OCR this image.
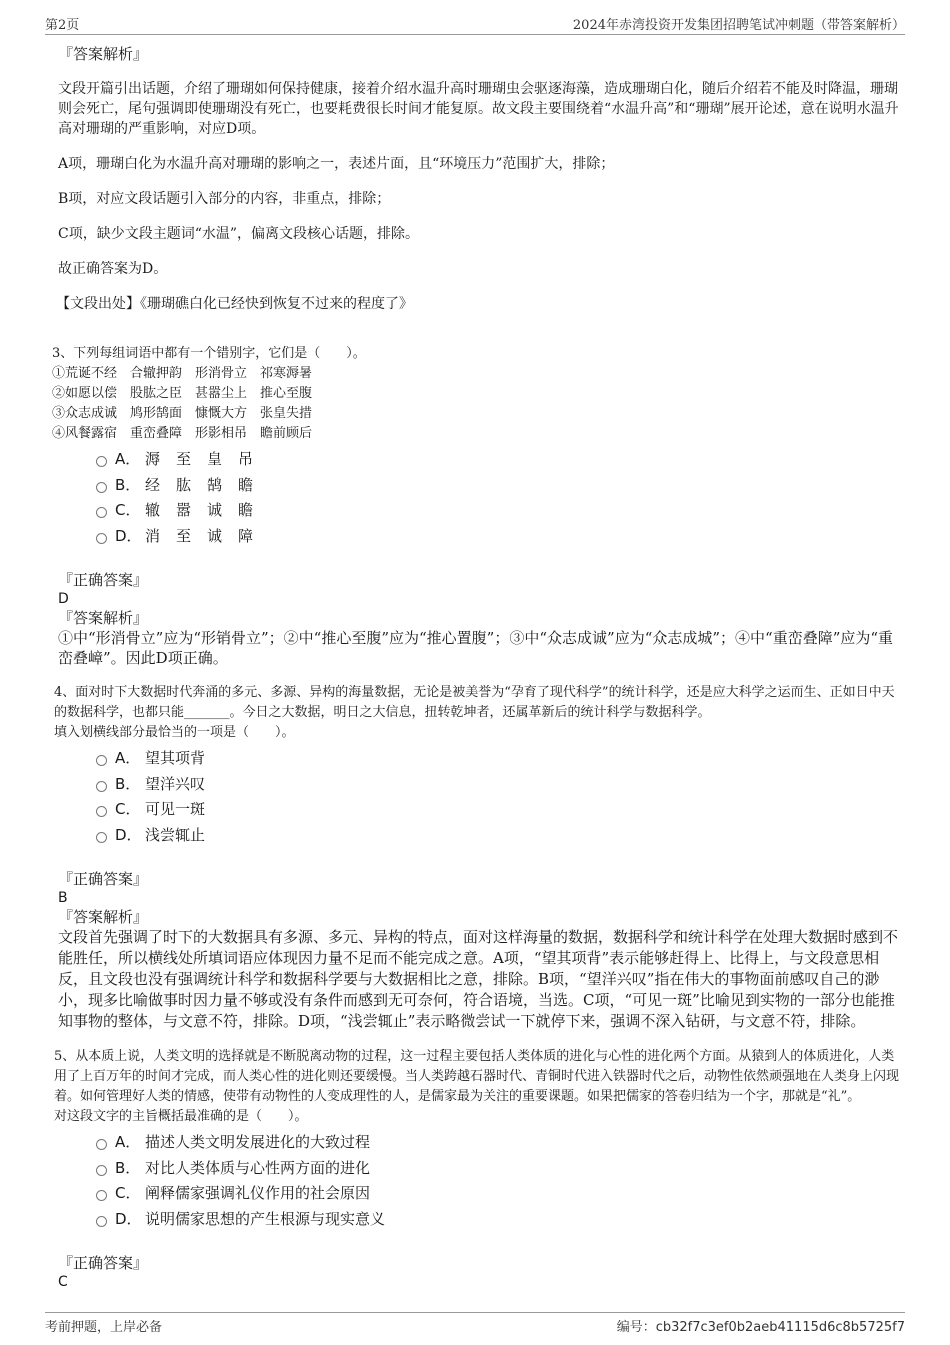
第2页	2024年赤湾投资开发集团招聘笔试冲刺题（带答案解析）

『答案解析』

文段开篇引出话题，介绍了珊瑚如何保持健康，接着介绍水温升高时珊瑚虫会驱逐海藻，造成珊瑚白化，随后介绍若不能及时降温，珊瑚则会死亡，尾句强调即使珊瑚没有死亡，也要耗费很长时间才能复原。故文段主要围绕着“水温升高”和“珊瑚”展开论述，意在说明水温升高对珊瑚的严重影响，对应D项。

A项，珊瑚白化为水温升高对珊瑚的影响之一，表述片面，且“环境压力”范围扩大，排除；

B项，对应文段话题引入部分的内容，非重点，排除；

C项，缺少文段主题词“水温”，偏离文段核心话题，排除。

故正确答案为D。

【文段出处】《珊瑚礁白化已经快到恢复不过来的程度了》

3、下列每组词语中都有一个错别字，它们是（　　）。

①荒诞不经　合辙押韵　形消骨立　祁寒溽暑

②如愿以偿　股肱之臣　甚嚣尘上　推心至腹

③众志成诚　鸠形鹄面　慷慨大方　张皇失措

④风餐露宿　重峦叠障　形影相吊　瞻前顾后

A． 溽至皇吊
B． 经肱鹄瞻
C． 辙嚣诚瞻
D． 消至诚障

『正确答案』

D

『答案解析』

①中“形消骨立”应为“形销骨立”；②中“推心至腹”应为“推心置腹”；③中“众志成诚”应为“众志成城”；④中“重峦叠障”应为“重峦叠嶂”。因此D项正确。

4、面对时下大数据时代奔涌的多元、多源、异构的海量数据，无论是被美誉为“孕育了现代科学”的统计科学，还是应大科学之运而生、正如日中天的数据科学，也都只能_______。今日之大数据，明日之大信息，扭转乾坤者，还属革新后的统计科学与数据科学。

填入划横线部分最恰当的一项是（　　）。

A． 望其项背
B． 望洋兴叹
C． 可见一斑
D． 浅尝辄止

『正确答案』

B

『答案解析』

文段首先强调了时下的大数据具有多源、多元、异构的特点，面对这样海量的数据，数据科学和统计科学在处理大数据时感到不能胜任，所以横线处所填词语应体现因力量不足而不能完成之意。A项，“望其项背”表示能够赶得上、比得上，与文段意思相反，且文段也没有强调统计科学和数据科学要与大数据相比之意，排除。B项，“望洋兴叹”指在伟大的事物面前感叹自己的渺小，现多比喻做事时因力量不够或没有条件而感到无可奈何，符合语境，当选。C项，“可见一斑”比喻见到实物的一部分也能推知事物的整体，与文意不符，排除。D项，“浅尝辄止”表示略微尝试一下就停下来，强调不深入钻研，与文意不符，排除。

5、从本质上说，人类文明的选择就是不断脱离动物的过程，这一过程主要包括人类体质的进化与心性的进化两个方面。从猿到人的体质进化，人类用了上百万年的时间才完成，而人类心性的进化则还要缓慢。当人类跨越石器时代、青铜时代进入铁器时代之后，动物性依然顽强地在人类身上闪现着。如何管理好人类的情感，使带有动物性的人变成理性的人，是儒家最为关注的重要课题。如果把儒家的答卷归结为一个字，那就是“礼”。

对这段文字的主旨概括最准确的是（　　）。

A． 描述人类文明发展进化的大致过程
B． 对比人类体质与心性两方面的进化
C． 阐释儒家强调礼仪作用的社会原因
D． 说明儒家思想的产生根源与现实意义

『正确答案』

C

考前押题，上岸必备	编号：cb32f7c3ef0b2aeb41115d6c8b5725f7
